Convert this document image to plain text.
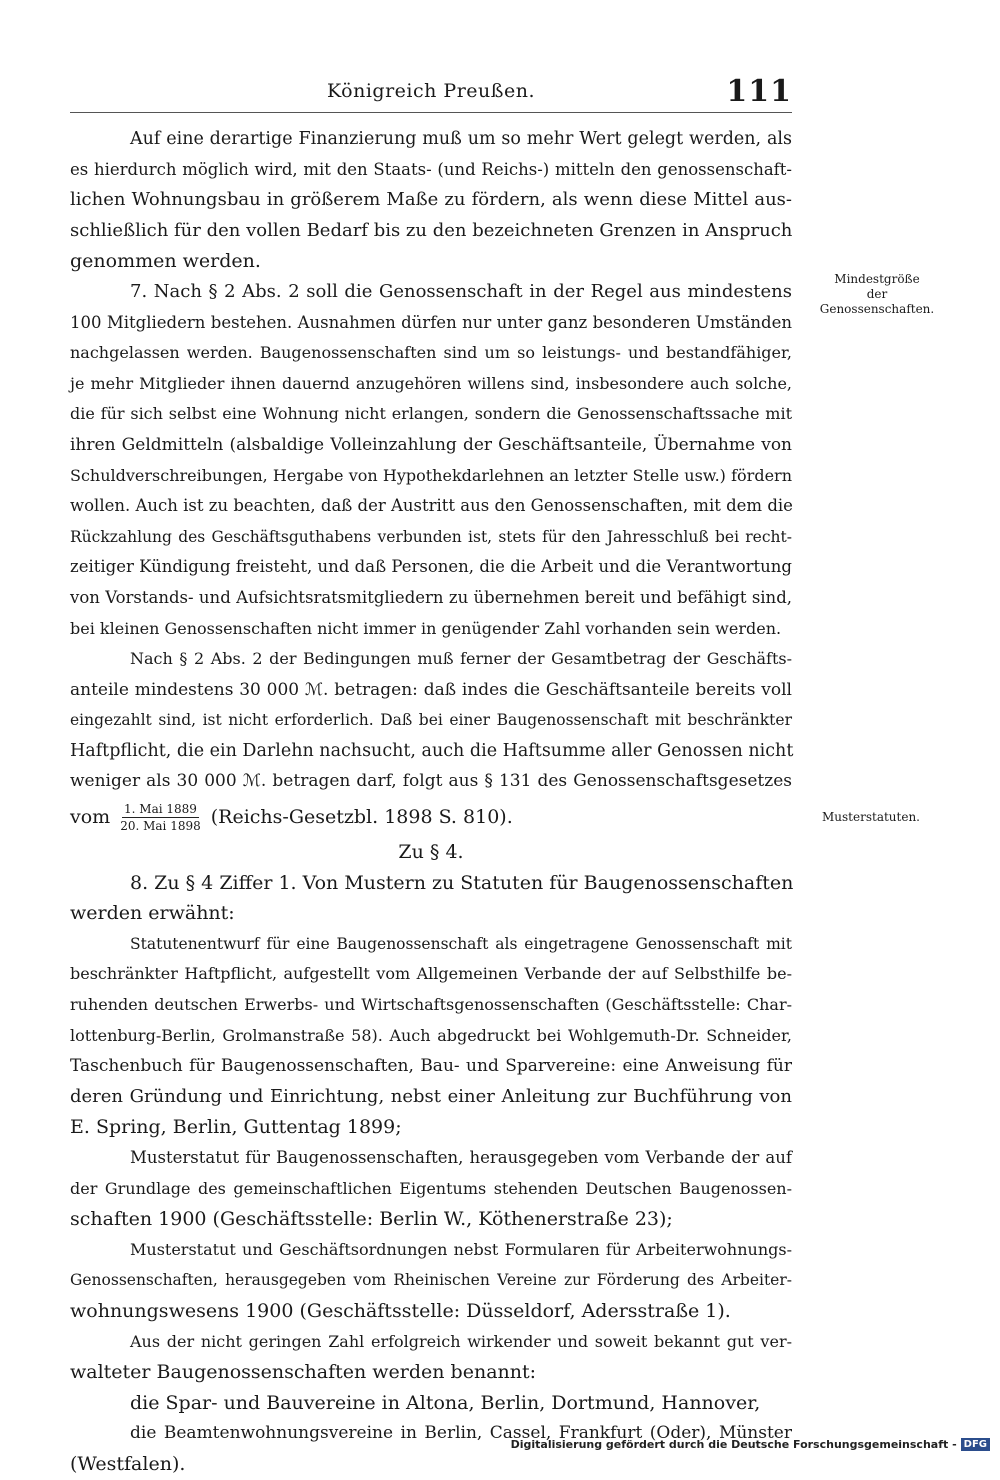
Königreich Preußen.	111
Mindestgröße
der Genossenschaften.
Musterstatuten.
Auf eine derartige Finanzierung muß um so mehr Wert gelegt werden, als
es hierdurch möglich wird, mit den Staats- (und Reichs-) mitteln den genossenschaft-
lichen Wohnungsbau in größerem Maße zu fördern, als wenn diese Mittel aus-
schließlich für den vollen Bedarf bis zu den bezeichneten Grenzen in Anspruch
genommen werden.
7. Nach § 2 Abs. 2 soll die Genossenschaft in der Regel aus mindestens
100 Mitgliedern bestehen. Ausnahmen dürfen nur unter ganz besonderen Umständen
nachgelassen werden. Baugenossenschaften sind um so leistungs- und bestandfähiger,
je mehr Mitglieder ihnen dauernd anzugehören willens sind, insbesondere auch solche,
die für sich selbst eine Wohnung nicht erlangen, sondern die Genossenschaftssache mit
ihren Geldmitteln (alsbaldige Volleinzahlung der Geschäftsanteile, Übernahme von
Schuldverschreibungen, Hergabe von Hypothekdarlehnen an letzter Stelle usw.) fördern
wollen. Auch ist zu beachten, daß der Austritt aus den Genossenschaften, mit dem die
Rückzahlung des Geschäftsguthabens verbunden ist, stets für den Jahresschluß bei recht-
zeitiger Kündigung freisteht, und daß Personen, die die Arbeit und die Verantwortung
von Vorstands- und Aufsichtsratsmitgliedern zu übernehmen bereit und befähigt sind,
bei kleinen Genossenschaften nicht immer in genügender Zahl vorhanden sein werden.
Nach § 2 Abs. 2 der Bedingungen muß ferner der Gesamtbetrag der Geschäfts-
anteile mindestens 30 000 ℳ. betragen: daß indes die Geschäftsanteile bereits voll
eingezahlt sind, ist nicht erforderlich. Daß bei einer Baugenossenschaft mit beschränkter
Haftpflicht, die ein Darlehn nachsucht, auch die Haftsumme aller Genossen nicht
weniger als 30 000 ℳ. betragen darf, folgt aus § 131 des Genossenschaftsgesetzes
vom $\frac{\text{1. Mai 1889}}{\text{20. Mai 1898}}$ (Reichs-Gesetzbl. 1898 S. 810).
Zu § 4.
8. Zu § 4 Ziffer 1. Von Mustern zu Statuten für Baugenossenschaften
werden erwähnt:
Statutenentwurf für eine Baugenossenschaft als eingetragene Genossenschaft mit
beschränkter Haftpflicht, aufgestellt vom Allgemeinen Verbande der auf Selbsthilfe be-
ruhenden deutschen Erwerbs- und Wirtschaftsgenossenschaften (Geschäftsstelle: Char-
lottenburg-Berlin, Grolmanstraße 58). Auch abgedruckt bei Wohlgemuth-Dr. Schneider,
Taschenbuch für Baugenossenschaften, Bau- und Sparvereine: eine Anweisung für
deren Gründung und Einrichtung, nebst einer Anleitung zur Buchführung von
E. Spring, Berlin, Guttentag 1899;
Musterstatut für Baugenossenschaften, herausgegeben vom Verbande der auf
der Grundlage des gemeinschaftlichen Eigentums stehenden Deutschen Baugenossen-
schaften 1900 (Geschäftsstelle: Berlin W., Köthenerstraße 23);
Musterstatut und Geschäftsordnungen nebst Formularen für Arbeiterwohnungs-
Genossenschaften, herausgegeben vom Rheinischen Vereine zur Förderung des Arbeiter-
wohnungswesens 1900 (Geschäftsstelle: Düsseldorf, Adersstraße 1).
Aus der nicht geringen Zahl erfolgreich wirkender und soweit bekannt gut ver-
walteter Baugenossenschaften werden benannt:
die Spar- und Bauvereine in Altona, Berlin, Dortmund, Hannover,
die Beamtenwohnungsvereine in Berlin, Cassel, Frankfurt (Oder), Münster
(Westfalen).
Digitalisierung gefördert durch die Deutsche Forschungsgemeinschaft - DFG
